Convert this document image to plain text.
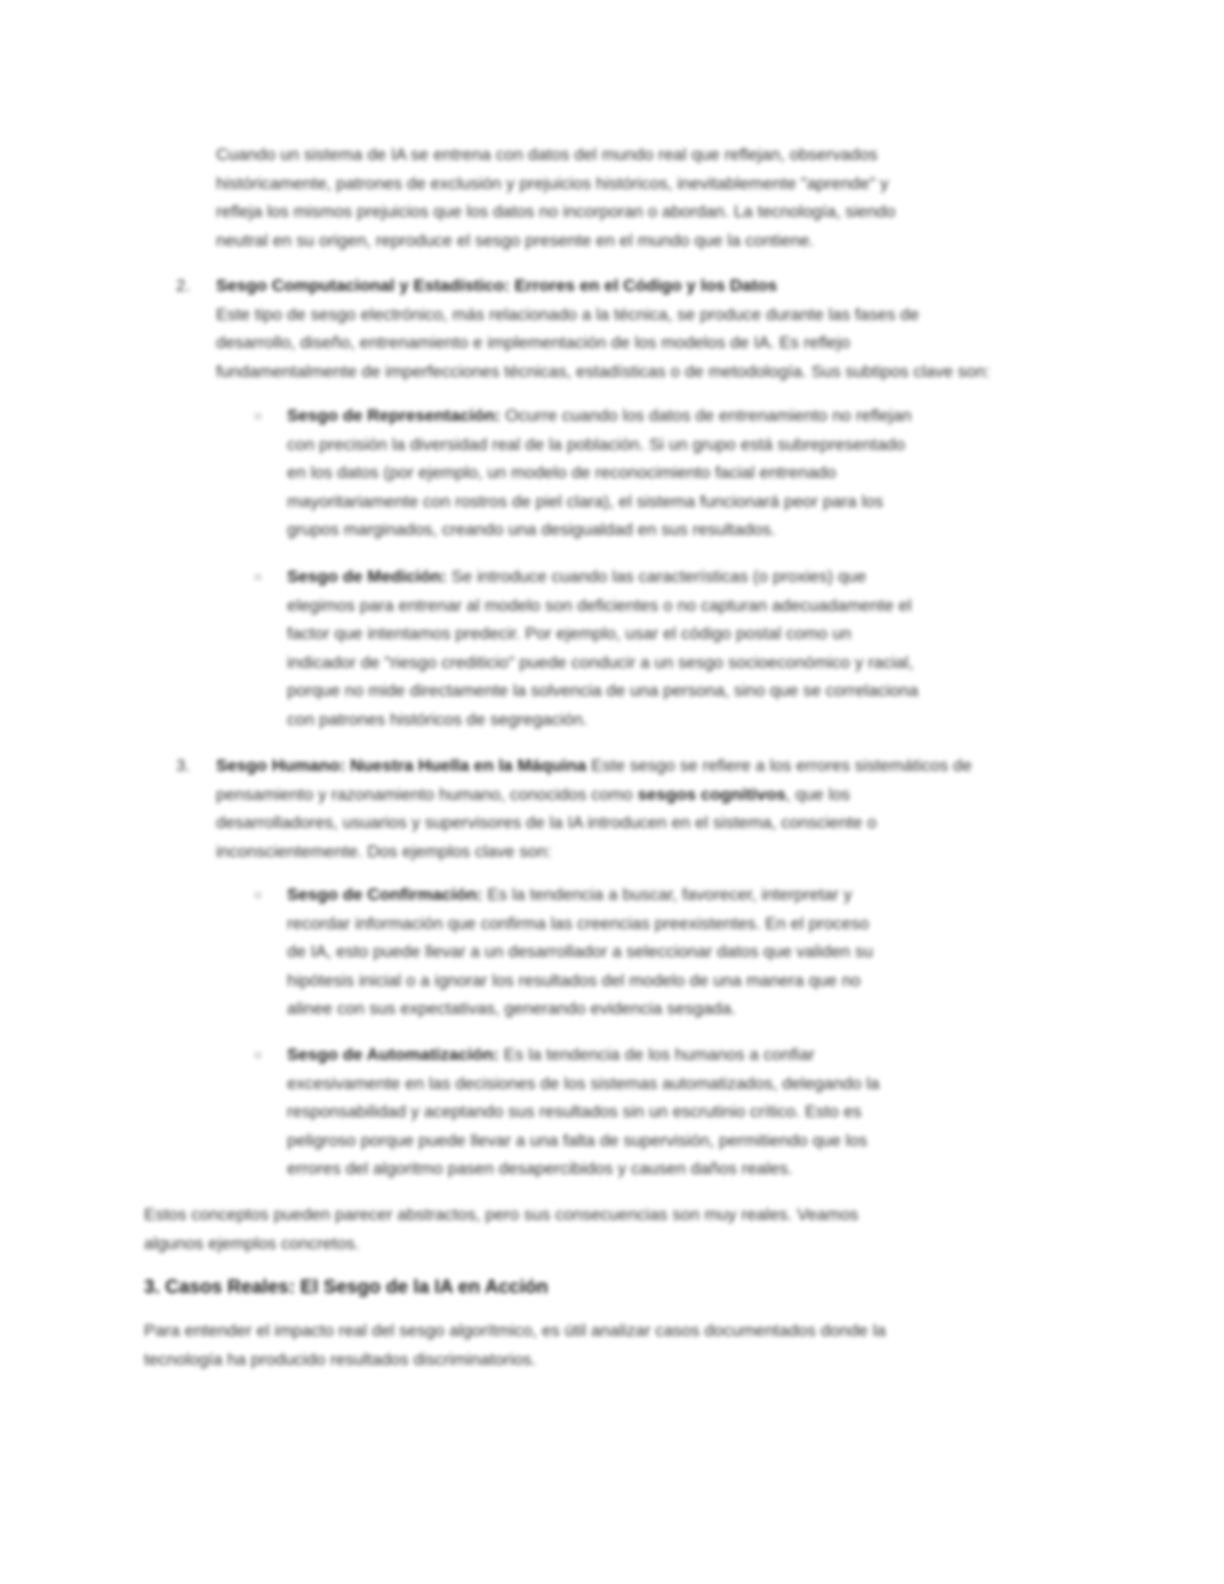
Cuando un sistema de IA se entrena con datos del mundo real que reflejan, observados

históricamente, patrones de exclusión y prejuicios históricos, inevitablemente "aprende" y

refleja los mismos prejuicios que los datos no incorporan o abordan. La tecnología, siendo

neutral en su origen, reproduce el sesgo presente en el mundo que la contiene.

2. Sesgo Computacional y Estadístico: Errores en el Código y los Datos

Este tipo de sesgo electrónico, más relacionado a la técnica, se produce durante las fases de

desarrollo, diseño, entrenamiento e implementación de los modelos de IA. Es reflejo

fundamentalmente de imperfecciones técnicas, estadísticas o de metodología. Sus subtipos clave son:

○ Sesgo de Representación: Ocurre cuando los datos de entrenamiento no reflejan

con precisión la diversidad real de la población. Si un grupo está subrepresentado

en los datos (por ejemplo, un modelo de reconocimiento facial entrenado

mayoritariamente con rostros de piel clara), el sistema funcionará peor para los

grupos marginados, creando una desigualdad en sus resultados.

○ Sesgo de Medición: Se introduce cuando las características (o proxies) que

elegimos para entrenar al modelo son deficientes o no capturan adecuadamente el

factor que intentamos predecir. Por ejemplo, usar el código postal como un

indicador de "riesgo crediticio" puede conducir a un sesgo socioeconómico y racial,

porque no mide directamente la solvencia de una persona, sino que se correlaciona

con patrones históricos de segregación.

3. Sesgo Humano: Nuestra Huella en la Máquina Este sesgo se refiere a los errores sistemáticos de

pensamiento y razonamiento humano, conocidos como sesgos cognitivos, que los

desarrolladores, usuarios y supervisores de la IA introducen en el sistema, consciente o

inconscientemente. Dos ejemplos clave son:

○ Sesgo de Confirmación: Es la tendencia a buscar, favorecer, interpretar y

recordar información que confirma las creencias preexistentes. En el proceso

de IA, esto puede llevar a un desarrollador a seleccionar datos que validen su

hipótesis inicial o a ignorar los resultados del modelo de una manera que no

alinee con sus expectativas, generando evidencia sesgada.

○ Sesgo de Automatización: Es la tendencia de los humanos a confiar

excesivamente en las decisiones de los sistemas automatizados, delegando la

responsabilidad y aceptando sus resultados sin un escrutinio crítico. Esto es

peligroso porque puede llevar a una falta de supervisión, permitiendo que los

errores del algoritmo pasen desapercibidos y causen daños reales.

Estos conceptos pueden parecer abstractos, pero sus consecuencias son muy reales. Veamos

algunos ejemplos concretos.

3. Casos Reales: El Sesgo de la IA en Acción

Para entender el impacto real del sesgo algorítmico, es útil analizar casos documentados donde la

tecnología ha producido resultados discriminatorios.
